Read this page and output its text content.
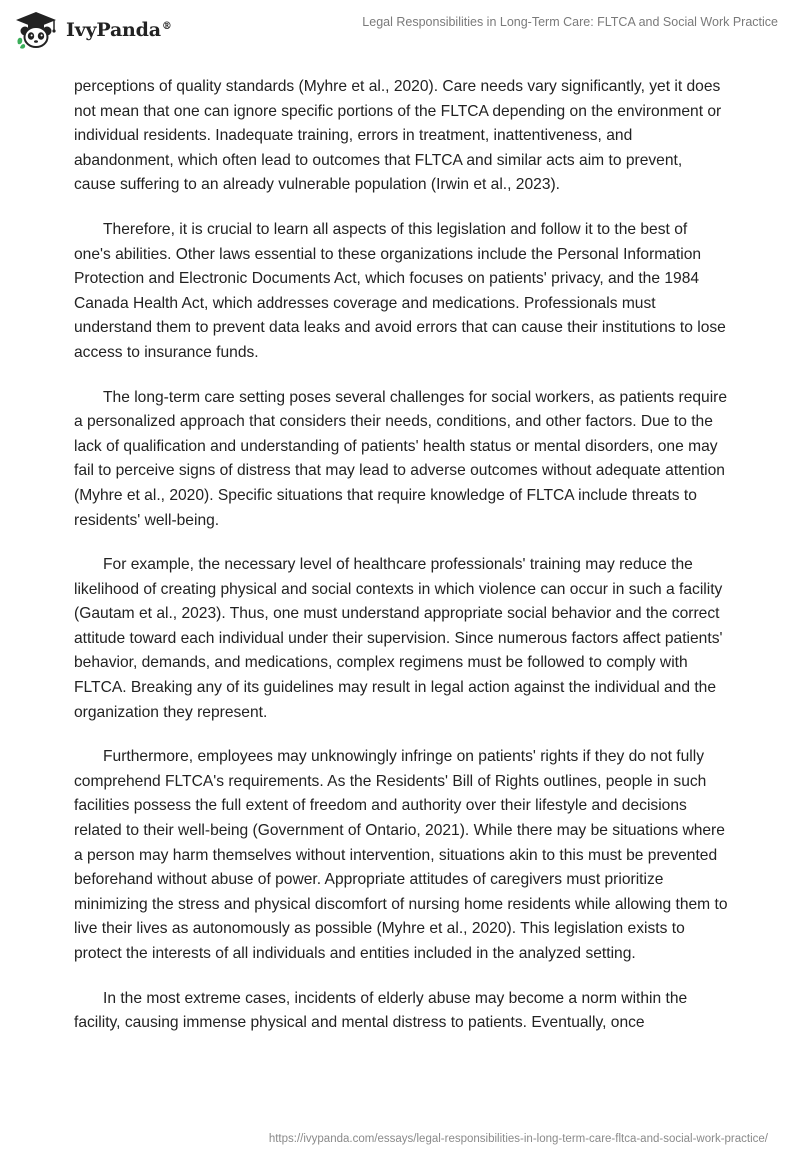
IvyPanda®	Legal Responsibilities in Long-Term Care: FLTCA and Social Work Practice

perceptions of quality standards (Myhre et al., 2020). Care needs vary significantly, yet it does not mean that one can ignore specific portions of the FLTCA depending on the environment or individual residents. Inadequate training, errors in treatment, inattentiveness, and abandonment, which often lead to outcomes that FLTCA and similar acts aim to prevent, cause suffering to an already vulnerable population (Irwin et al., 2023).

Therefore, it is crucial to learn all aspects of this legislation and follow it to the best of one's abilities. Other laws essential to these organizations include the Personal Information Protection and Electronic Documents Act, which focuses on patients' privacy, and the 1984 Canada Health Act, which addresses coverage and medications. Professionals must understand them to prevent data leaks and avoid errors that can cause their institutions to lose access to insurance funds.

The long-term care setting poses several challenges for social workers, as patients require a personalized approach that considers their needs, conditions, and other factors. Due to the lack of qualification and understanding of patients' health status or mental disorders, one may fail to perceive signs of distress that may lead to adverse outcomes without adequate attention (Myhre et al., 2020). Specific situations that require knowledge of FLTCA include threats to residents' well-being.

For example, the necessary level of healthcare professionals' training may reduce the likelihood of creating physical and social contexts in which violence can occur in such a facility (Gautam et al., 2023). Thus, one must understand appropriate social behavior and the correct attitude toward each individual under their supervision. Since numerous factors affect patients' behavior, demands, and medications, complex regimens must be followed to comply with FLTCA. Breaking any of its guidelines may result in legal action against the individual and the organization they represent.

Furthermore, employees may unknowingly infringe on patients' rights if they do not fully comprehend FLTCA's requirements. As the Residents' Bill of Rights outlines, people in such facilities possess the full extent of freedom and authority over their lifestyle and decisions related to their well-being (Government of Ontario, 2021). While there may be situations where a person may harm themselves without intervention, situations akin to this must be prevented beforehand without abuse of power. Appropriate attitudes of caregivers must prioritize minimizing the stress and physical discomfort of nursing home residents while allowing them to live their lives as autonomously as possible (Myhre et al., 2020). This legislation exists to protect the interests of all individuals and entities included in the analyzed setting.

In the most extreme cases, incidents of elderly abuse may become a norm within the facility, causing immense physical and mental distress to patients. Eventually, once

https://ivypanda.com/essays/legal-responsibilities-in-long-term-care-fltca-and-social-work-practice/
